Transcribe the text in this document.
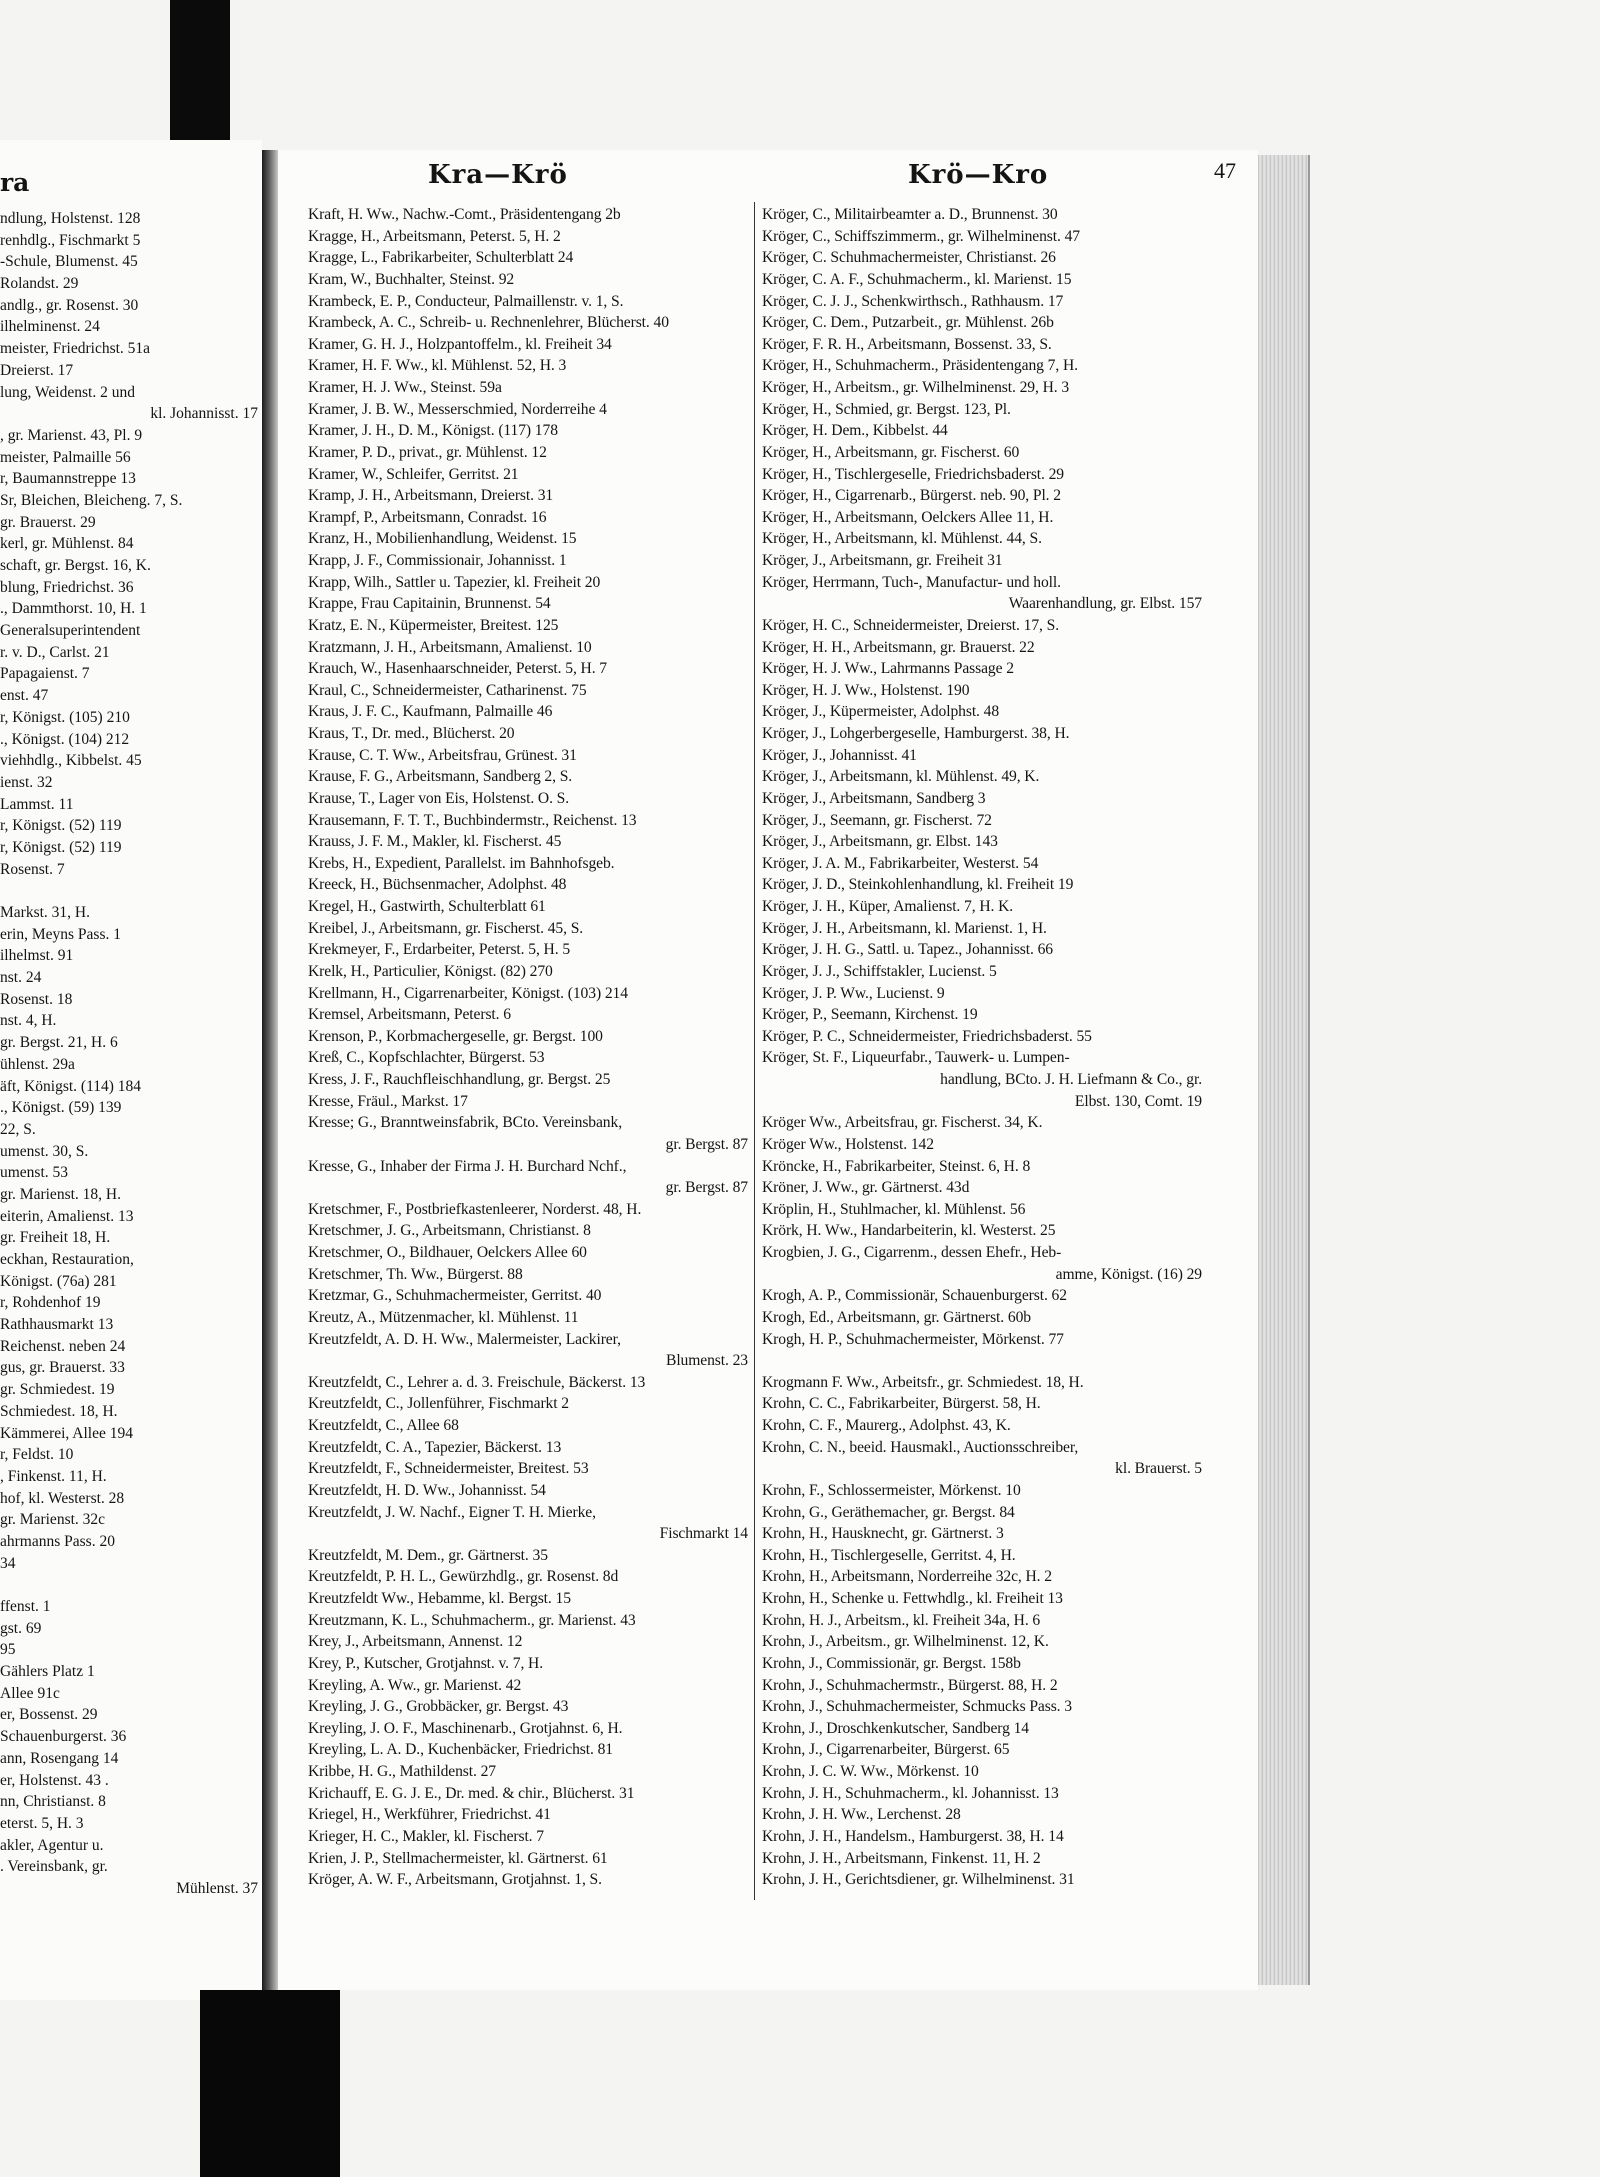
ra
ndlung, Holstenst. 128
renhdlg., Fischmarkt 5
-Schule, Blumenst. 45
Rolandst. 29
andlg., gr. Rosenst. 30
ilhelminenst. 24
meister, Friedrichst. 51a
Dreierst. 17
lung, Weidenst. 2 und
kl. Johannisst. 17
, gr. Marienst. 43, Pl. 9
meister, Palmaille 56
r, Baumannstreppe 13
Sr, Bleichen, Bleicheng. 7, S.
gr. Brauerst. 29
kerl, gr. Mühlenst. 84
schaft, gr. Bergst. 16, K.
blung, Friedrichst. 36
., Dammthorst. 10, H. 1
Generalsuperintendent
r. v. D., Carlst. 21
Papagaienst. 7
enst. 47
r, Königst. (105) 210
., Königst. (104) 212
viehhdlg., Kibbelst. 45
ienst. 32
Lammst. 11
r, Königst. (52) 119
r, Königst. (52) 119
Rosenst. 7
Markst. 31, H.
erin, Meyns Pass. 1
ilhelmst. 91
nst. 24
Rosenst. 18
nst. 4, H.
gr. Bergst. 21, H. 6
ühlenst. 29a
äft, Königst. (114) 184
., Königst. (59) 139
22, S.
umenst. 30, S.
umenst. 53
gr. Marienst. 18, H.
eiterin, Amalienst. 13
gr. Freiheit 18, H.
eckhan, Restauration,
Königst. (76a) 281
r, Rohdenhof 19
Rathhausmarkt 13
Reichenst. neben 24
gus, gr. Brauerst. 33
gr. Schmiedest. 19
Schmiedest. 18, H.
Kämmerei, Allee 194
r, Feldst. 10
, Finkenst. 11, H.
hof, kl. Westerst. 28
gr. Marienst. 32c
ahrmanns Pass. 20
34
ffenst. 1
gst. 69
95
Gählers Platz 1
Allee 91c
er, Bossenst. 29
Schauenburgerst. 36
ann, Rosengang 14
er, Holstenst. 43 .
nn, Christianst. 8
eterst. 5, H. 3
akler, Agentur u.
. Vereinsbank, gr.
Mühlenst. 37
Kra—Krö	Krö—Kro	47
Kraft, H. Ww., Nachw.-Comt., Präsidentengang 2b
Kragge, H., Arbeitsmann, Peterst. 5, H. 2
Kragge, L., Fabrikarbeiter, Schulterblatt 24
Kram, W., Buchhalter, Steinst. 92
Krambeck, E. P., Conducteur, Palmaillenstr. v. 1, S.
Krambeck, A. C., Schreib- u. Rechnenlehrer, Blücherst. 40
Kramer, G. H. J., Holzpantoffelm., kl. Freiheit 34
Kramer, H. F. Ww., kl. Mühlenst. 52, H. 3
Kramer, H. J. Ww., Steinst. 59a
Kramer, J. B. W., Messerschmied, Norderreihe 4
Kramer, J. H., D. M., Königst. (117) 178
Kramer, P. D., privat., gr. Mühlenst. 12
Kramer, W., Schleifer, Gerritst. 21
Kramp, J. H., Arbeitsmann, Dreierst. 31
Krampf, P., Arbeitsmann, Conradst. 16
Kranz, H., Mobilienhandlung, Weidenst. 15
Krapp, J. F., Commissionair, Johannisst. 1
Krapp, Wilh., Sattler u. Tapezier, kl. Freiheit 20
Krappe, Frau Capitainin, Brunnenst. 54
Kratz, E. N., Küpermeister, Breitest. 125
Kratzmann, J. H., Arbeitsmann, Amalienst. 10
Krauch, W., Hasenhaarschneider, Peterst. 5, H. 7
Kraul, C., Schneidermeister, Catharinenst. 75
Kraus, J. F. C., Kaufmann, Palmaille 46
Kraus, T., Dr. med., Blücherst. 20
Krause, C. T. Ww., Arbeitsfrau, Grünest. 31
Krause, F. G., Arbeitsmann, Sandberg 2, S.
Krause, T., Lager von Eis, Holstenst. O. S.
Krausemann, F. T. T., Buchbindermstr., Reichenst. 13
Krauss, J. F. M., Makler, kl. Fischerst. 45
Krebs, H., Expedient, Parallelst. im Bahnhofsgeb.
Kreeck, H., Büchsenmacher, Adolphst. 48
Kregel, H., Gastwirth, Schulterblatt 61
Kreibel, J., Arbeitsmann, gr. Fischerst. 45, S.
Krekmeyer, F., Erdarbeiter, Peterst. 5, H. 5
Krelk, H., Particulier, Königst. (82) 270
Krellmann, H., Cigarrenarbeiter, Königst. (103) 214
Kremsel, Arbeitsmann, Peterst. 6
Krenson, P., Korbmachergeselle, gr. Bergst. 100
Kreß, C., Kopfschlachter, Bürgerst. 53
Kress, J. F., Rauchfleischhandlung, gr. Bergst. 25
Kresse, Fräul., Markst. 17
Kresse; G., Branntweinsfabrik, BCto. Vereinsbank,
gr. Bergst. 87
Kresse, G., Inhaber der Firma J. H. Burchard Nchf.,
gr. Bergst. 87
Kretschmer, F., Postbriefkastenleerer, Norderst. 48, H.
Kretschmer, J. G., Arbeitsmann, Christianst. 8
Kretschmer, O., Bildhauer, Oelckers Allee 60
Kretschmer, Th. Ww., Bürgerst. 88
Kretzmar, G., Schuhmachermeister, Gerritst. 40
Kreutz, A., Mützenmacher, kl. Mühlenst. 11
Kreutzfeldt, A. D. H. Ww., Malermeister, Lackirer,
Blumenst. 23
Kreutzfeldt, C., Lehrer a. d. 3. Freischule, Bäckerst. 13
Kreutzfeldt, C., Jollenführer, Fischmarkt 2
Kreutzfeldt, C., Allee 68
Kreutzfeldt, C. A., Tapezier, Bäckerst. 13
Kreutzfeldt, F., Schneidermeister, Breitest. 53
Kreutzfeldt, H. D. Ww., Johannisst. 54
Kreutzfeldt, J. W. Nachf., Eigner T. H. Mierke,
Fischmarkt 14
Kreutzfeldt, M. Dem., gr. Gärtnerst. 35
Kreutzfeldt, P. H. L., Gewürzhdlg., gr. Rosenst. 8d
Kreutzfeldt Ww., Hebamme, kl. Bergst. 15
Kreutzmann, K. L., Schuhmacherm., gr. Marienst. 43
Krey, J., Arbeitsmann, Annenst. 12
Krey, P., Kutscher, Grotjahnst. v. 7, H.
Kreyling, A. Ww., gr. Marienst. 42
Kreyling, J. G., Grobbäcker, gr. Bergst. 43
Kreyling, J. O. F., Maschinenarb., Grotjahnst. 6, H.
Kreyling, L. A. D., Kuchenbäcker, Friedrichst. 81
Kribbe, H. G., Mathildenst. 27
Krichauff, E. G. J. E., Dr. med. & chir., Blücherst. 31
Kriegel, H., Werkführer, Friedrichst. 41
Krieger, H. C., Makler, kl. Fischerst. 7
Krien, J. P., Stellmachermeister, kl. Gärtnerst. 61
Kröger, A. W. F., Arbeitsmann, Grotjahnst. 1, S.
Kröger, C., Militairbeamter a. D., Brunnenst. 30
Kröger, C., Schiffszimmerm., gr. Wilhelminenst. 47
Kröger, C. Schuhmachermeister, Christianst. 26
Kröger, C. A. F., Schuhmacherm., kl. Marienst. 15
Kröger, C. J. J., Schenkwirthsch., Rathhausm. 17
Kröger, C. Dem., Putzarbeit., gr. Mühlenst. 26b
Kröger, F. R. H., Arbeitsmann, Bossenst. 33, S.
Kröger, H., Schuhmacherm., Präsidentengang 7, H.
Kröger, H., Arbeitsm., gr. Wilhelminenst. 29, H. 3
Kröger, H., Schmied, gr. Bergst. 123, Pl.
Kröger, H. Dem., Kibbelst. 44
Kröger, H., Arbeitsmann, gr. Fischerst. 60
Kröger, H., Tischlergeselle, Friedrichsbaderst. 29
Kröger, H., Cigarrenarb., Bürgerst. neb. 90, Pl. 2
Kröger, H., Arbeitsmann, Oelckers Allee 11, H.
Kröger, H., Arbeitsmann, kl. Mühlenst. 44, S.
Kröger, J., Arbeitsmann, gr. Freiheit 31
Kröger, Herrmann, Tuch-, Manufactur- und holl.
Waarenhandlung, gr. Elbst. 157
Kröger, H. C., Schneidermeister, Dreierst. 17, S.
Kröger, H. H., Arbeitsmann, gr. Brauerst. 22
Kröger, H. J. Ww., Lahrmanns Passage 2
Kröger, H. J. Ww., Holstenst. 190
Kröger, J., Küpermeister, Adolphst. 48
Kröger, J., Lohgerbergeselle, Hamburgerst. 38, H.
Kröger, J., Johannisst. 41
Kröger, J., Arbeitsmann, kl. Mühlenst. 49, K.
Kröger, J., Arbeitsmann, Sandberg 3
Kröger, J., Seemann, gr. Fischerst. 72
Kröger, J., Arbeitsmann, gr. Elbst. 143
Kröger, J. A. M., Fabrikarbeiter, Westerst. 54
Kröger, J. D., Steinkohlenhandlung, kl. Freiheit 19
Kröger, J. H., Küper, Amalienst. 7, H. K.
Kröger, J. H., Arbeitsmann, kl. Marienst. 1, H.
Kröger, J. H. G., Sattl. u. Tapez., Johannisst. 66
Kröger, J. J., Schiffstakler, Lucienst. 5
Kröger, J. P. Ww., Lucienst. 9
Kröger, P., Seemann, Kirchenst. 19
Kröger, P. C., Schneidermeister, Friedrichsbaderst. 55
Kröger, St. F., Liqueurfabr., Tauwerk- u. Lumpen-
handlung, BCto. J. H. Liefmann & Co., gr.
Elbst. 130, Comt. 19
Kröger Ww., Arbeitsfrau, gr. Fischerst. 34, K.
Kröger Ww., Holstenst. 142
Kröncke, H., Fabrikarbeiter, Steinst. 6, H. 8
Kröner, J. Ww., gr. Gärtnerst. 43d
Kröplin, H., Stuhlmacher, kl. Mühlenst. 56
Krörk, H. Ww., Handarbeiterin, kl. Westerst. 25
Krogbien, J. G., Cigarrenm., dessen Ehefr., Heb-
amme, Königst. (16) 29
Krogh, A. P., Commissionär, Schauenburgerst. 62
Krogh, Ed., Arbeitsmann, gr. Gärtnerst. 60b
Krogh, H. P., Schuhmachermeister, Mörkenst. 77
Krogmann F. Ww., Arbeitsfr., gr. Schmiedest. 18, H.
Krohn, C. C., Fabrikarbeiter, Bürgerst. 58, H.
Krohn, C. F., Maurerg., Adolphst. 43, K.
Krohn, C. N., beeid. Hausmakl., Auctionsschreiber,
kl. Brauerst. 5
Krohn, F., Schlossermeister, Mörkenst. 10
Krohn, G., Geräthemacher, gr. Bergst. 84
Krohn, H., Hausknecht, gr. Gärtnerst. 3
Krohn, H., Tischlergeselle, Gerritst. 4, H.
Krohn, H., Arbeitsmann, Norderreihe 32c, H. 2
Krohn, H., Schenke u. Fettwhdlg., kl. Freiheit 13
Krohn, H. J., Arbeitsm., kl. Freiheit 34a, H. 6
Krohn, J., Arbeitsm., gr. Wilhelminenst. 12, K.
Krohn, J., Commissionär, gr. Bergst. 158b
Krohn, J., Schuhmachermstr., Bürgerst. 88, H. 2
Krohn, J., Schuhmachermeister, Schmucks Pass. 3
Krohn, J., Droschkenkutscher, Sandberg 14
Krohn, J., Cigarrenarbeiter, Bürgerst. 65
Krohn, J. C. W. Ww., Mörkenst. 10
Krohn, J. H., Schuhmacherm., kl. Johannisst. 13
Krohn, J. H. Ww., Lerchenst. 28
Krohn, J. H., Handelsm., Hamburgerst. 38, H. 14
Krohn, J. H., Arbeitsmann, Finkenst. 11, H. 2
Krohn, J. H., Gerichtsdiener, gr. Wilhelminenst. 31
